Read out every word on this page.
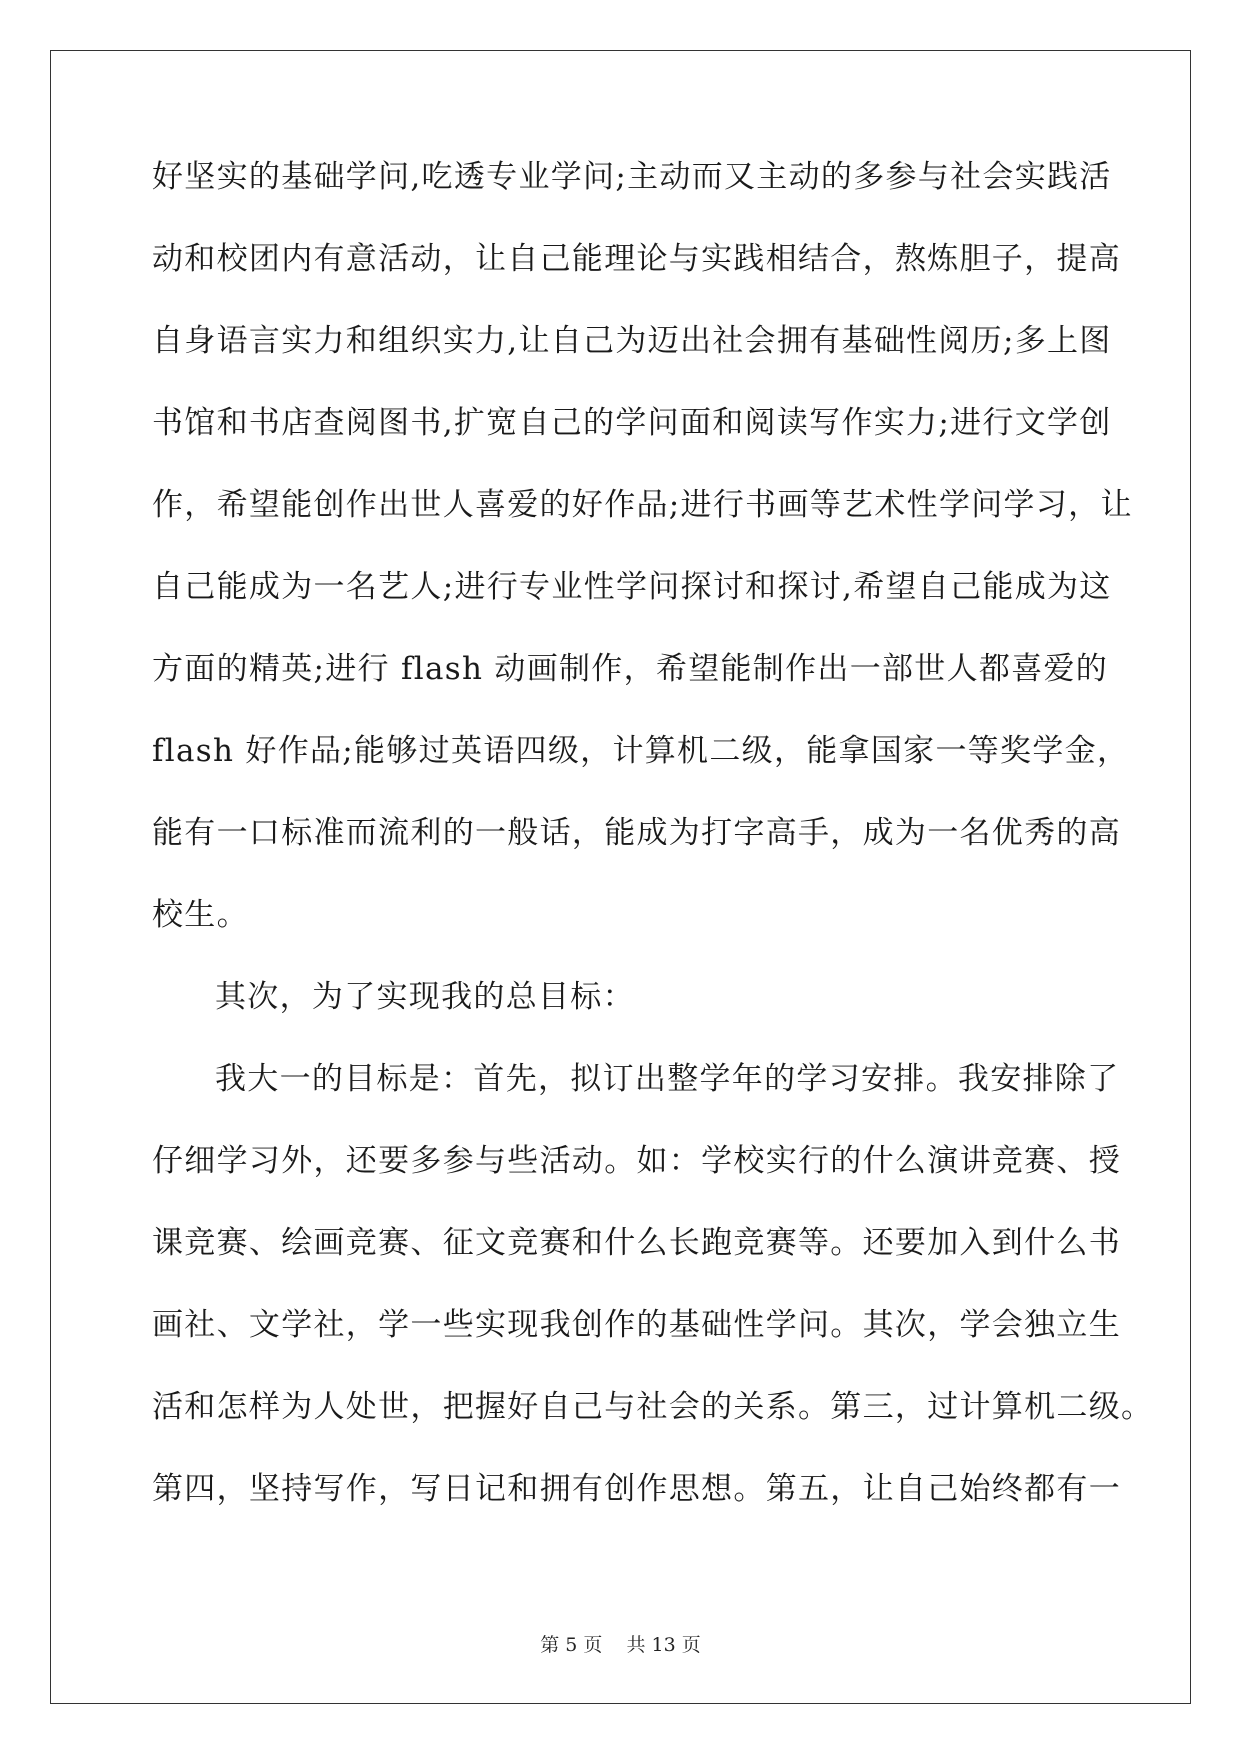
好坚实的基础学问,吃透专业学问;主动而又主动的多参与社会实践活
动和校团内有意活动，让自己能理论与实践相结合，熬炼胆子，提高
自身语言实力和组织实力,让自己为迈出社会拥有基础性阅历;多上图
书馆和书店查阅图书,扩宽自己的学问面和阅读写作实力;进行文学创
作，希望能创作出世人喜爱的好作品;进行书画等艺术性学问学习，让
自己能成为一名艺人;进行专业性学问探讨和探讨,希望自己能成为这
方面的精英;进行 flash 动画制作，希望能制作出一部世人都喜爱的
flash 好作品;能够过英语四级，计算机二级，能拿国家一等奖学金，
能有一口标准而流利的一般话，能成为打字高手，成为一名优秀的高
校生。
其次，为了实现我的总目标：
我大一的目标是：首先，拟订出整学年的学习安排。我安排除了
仔细学习外，还要多参与些活动。如：学校实行的什么演讲竞赛、授
课竞赛、绘画竞赛、征文竞赛和什么长跑竞赛等。还要加入到什么书
画社、文学社，学一些实现我创作的基础性学问。其次，学会独立生
活和怎样为人处世，把握好自己与社会的关系。第三，过计算机二级。
第四，坚持写作，写日记和拥有创作思想。第五，让自己始终都有一
第 5 页 共 13 页
